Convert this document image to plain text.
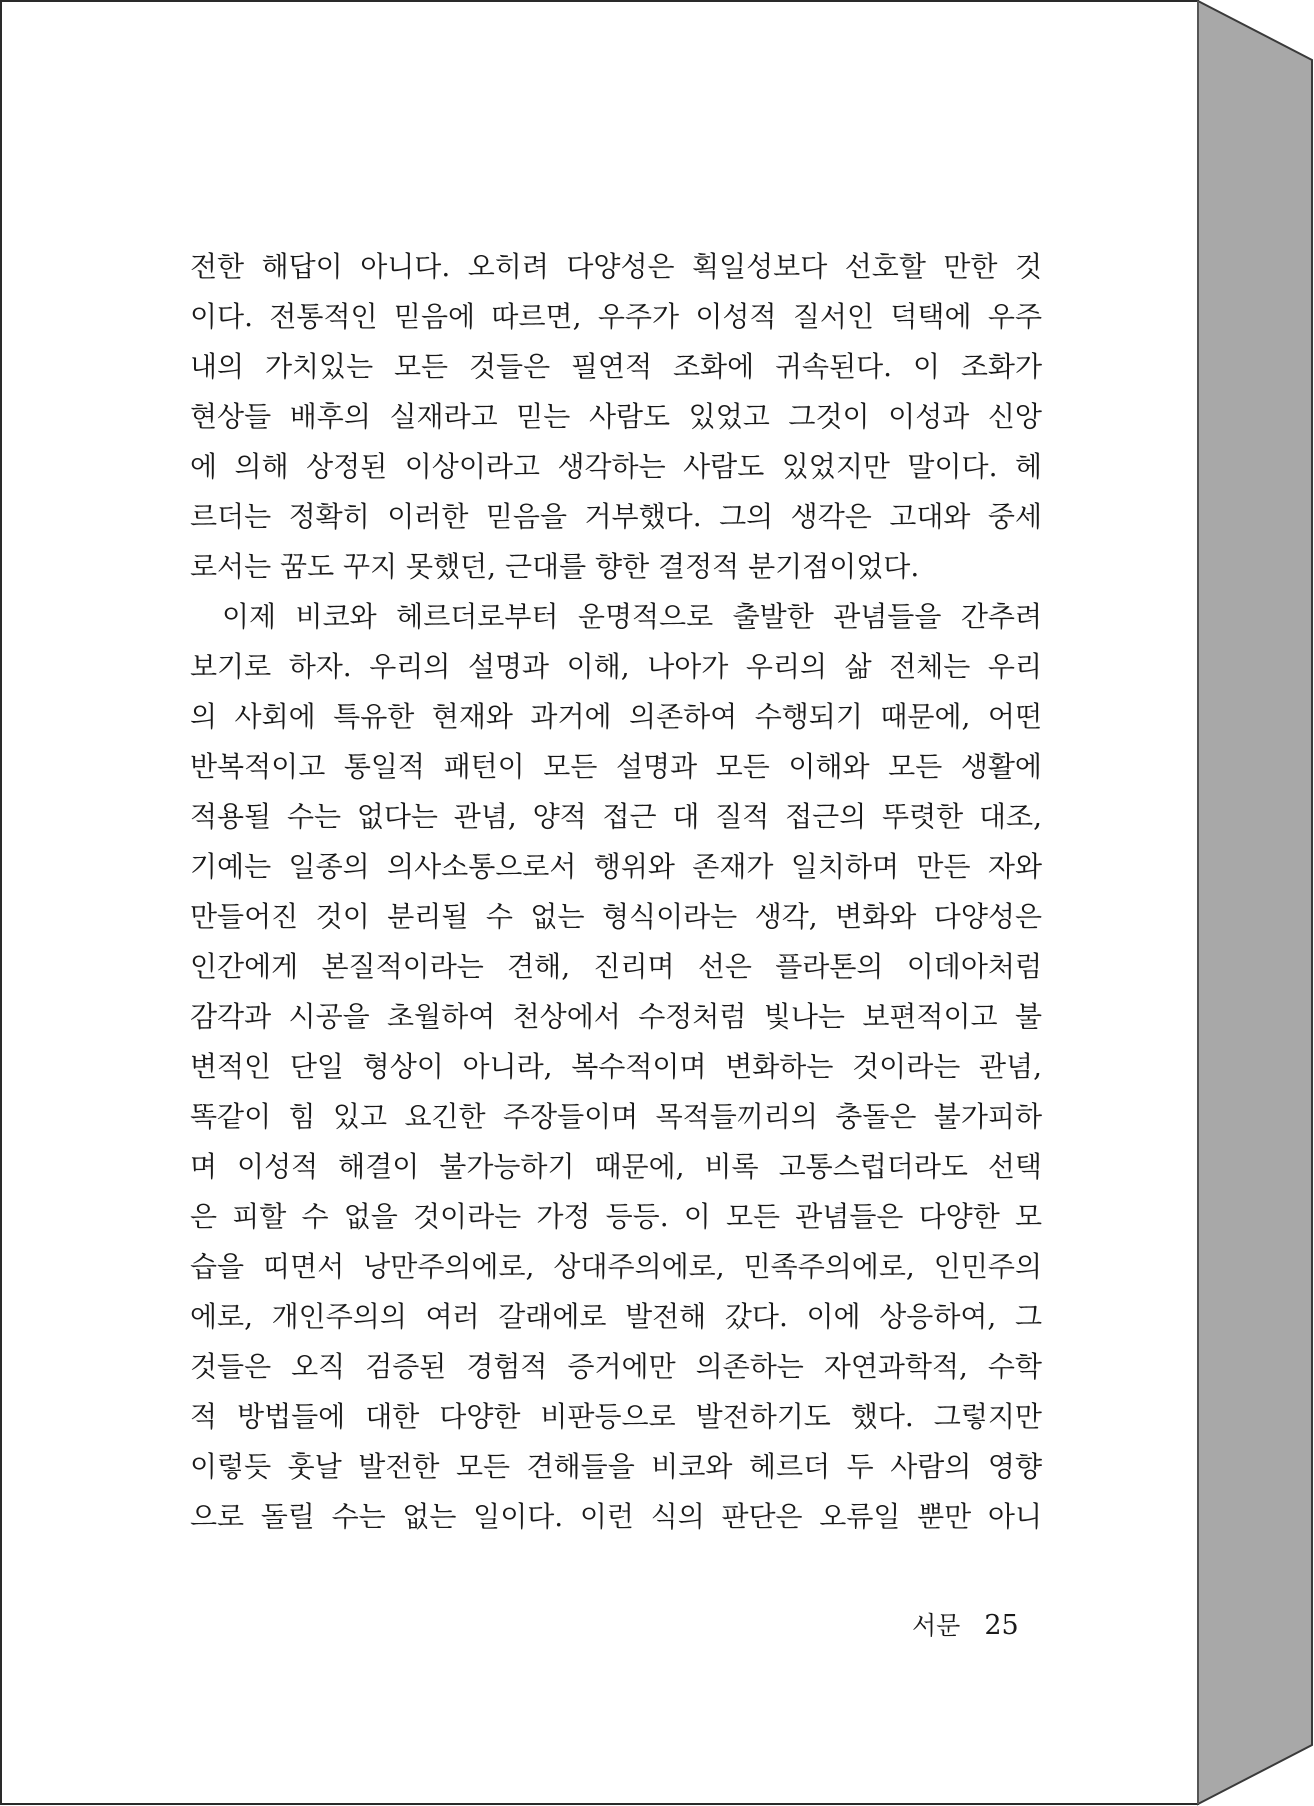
전한 해답이 아니다. 오히려 다양성은 획일성보다 선호할 만한 것
이다. 전통적인 믿음에 따르면, 우주가 이성적 질서인 덕택에 우주
내의 가치있는 모든 것들은 필연적 조화에 귀속된다. 이 조화가
현상들 배후의 실재라고 믿는 사람도 있었고 그것이 이성과 신앙
에 의해 상정된 이상이라고 생각하는 사람도 있었지만 말이다. 헤
르더는 정확히 이러한 믿음을 거부했다. 그의 생각은 고대와 중세
로서는 꿈도 꾸지 못했던, 근대를 향한 결정적 분기점이었다.
이제 비코와 헤르더로부터 운명적으로 출발한 관념들을 간추려
보기로 하자. 우리의 설명과 이해, 나아가 우리의 삶 전체는 우리
의 사회에 특유한 현재와 과거에 의존하여 수행되기 때문에, 어떤
반복적이고 통일적 패턴이 모든 설명과 모든 이해와 모든 생활에
적용될 수는 없다는 관념, 양적 접근 대 질적 접근의 뚜렷한 대조,
기예는 일종의 의사소통으로서 행위와 존재가 일치하며 만든 자와
만들어진 것이 분리될 수 없는 형식이라는 생각, 변화와 다양성은
인간에게 본질적이라는 견해, 진리며 선은 플라톤의 이데아처럼
감각과 시공을 초월하여 천상에서 수정처럼 빛나는 보편적이고 불
변적인 단일 형상이 아니라, 복수적이며 변화하는 것이라는 관념,
똑같이 힘 있고 요긴한 주장들이며 목적들끼리의 충돌은 불가피하
며 이성적 해결이 불가능하기 때문에, 비록 고통스럽더라도 선택
은 피할 수 없을 것이라는 가정 등등. 이 모든 관념들은 다양한 모
습을 띠면서 낭만주의에로, 상대주의에로, 민족주의에로, 인민주의
에로, 개인주의의 여러 갈래에로 발전해 갔다. 이에 상응하여, 그
것들은 오직 검증된 경험적 증거에만 의존하는 자연과학적, 수학
적 방법들에 대한 다양한 비판등으로 발전하기도 했다. 그렇지만
이렇듯 훗날 발전한 모든 견해들을 비코와 헤르더 두 사람의 영향
으로 돌릴 수는 없는 일이다. 이런 식의 판단은 오류일 뿐만 아니
서문 25
